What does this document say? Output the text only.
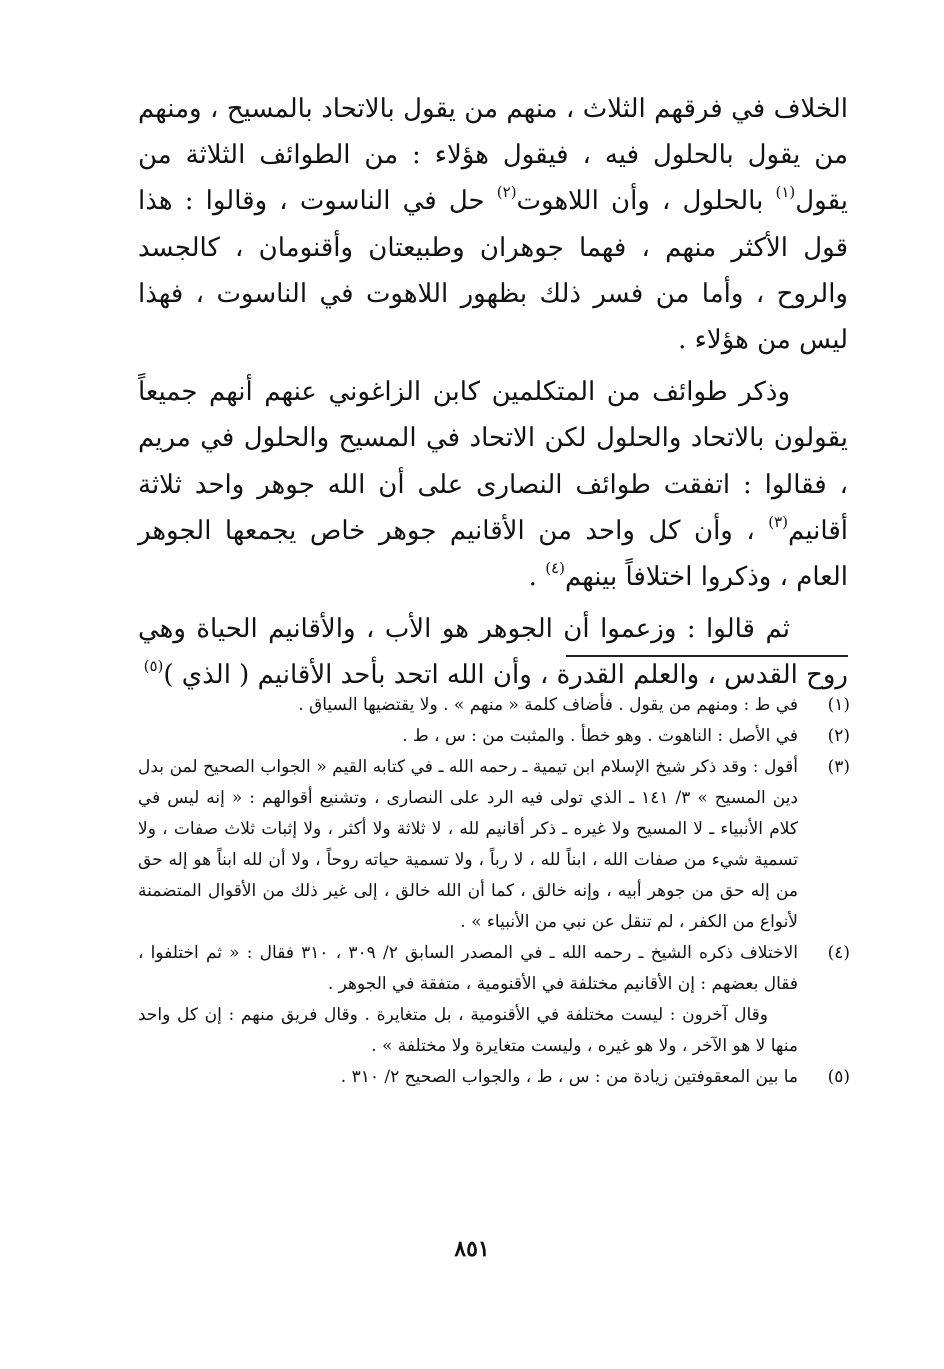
الخلاف في فرقهم الثلاث ، منهم من يقول بالاتحاد بالمسيح ، ومنهم من يقول بالحلول فيه ، فيقول هؤلاء : من الطوائف الثلاثة من يقول$^{(١)}$ بالحلول ، وأن اللاهوت$^{(٢)}$ حل في الناسوت ، وقالوا : هذا قول الأكثر منهم ، فهما جوهران وطبيعتان وأقنومان ، كالجسد والروح ، وأما من فسر ذلك بظهور اللاهوت في الناسوت ، فهذا ليس من هؤلاء .

وذكر طوائف من المتكلمين كابن الزاغوني عنهم أنهم جميعاً يقولون بالاتحاد والحلول لكن الاتحاد في المسيح والحلول في مريم ، فقالوا : اتفقت طوائف النصارى على أن الله جوهر واحد ثلاثة أقانيم$^{(٣)}$ ، وأن كل واحد من الأقانيم جوهر خاص يجمعها الجوهر العام ، وذكروا اختلافاً بينهم$^{(٤)}$ .

ثم قالوا : وزعموا أن الجوهر هو الأب ، والأقانيم الحياة وهي روح القدس ، والعلم القدرة ، وأن الله اتحد بأحد الأقانيم ( الذي )$^{(٥)}$

(١)
في ط : ومنهم من يقول . فأضاف كلمة « منهم » . ولا يقتضيها السياق .
(٢)
في الأصل : الناهوت . وهو خطأ . والمثبت من : س ، ط .
(٣)
أقول : وقد ذكر شيخ الإسلام ابن تيمية ـ رحمه الله ـ في كتابه القيم « الجواب الصحيح لمن بدل دين المسيح » ٣/ ١٤١ ـ الذي تولى فيه الرد على النصارى ، وتشنيع أقوالهم : « إنه ليس في كلام الأنبياء ـ لا المسيح ولا غيره ـ ذكر أقانيم لله ، لا ثلاثة ولا أكثر ، ولا إثبات ثلاث صفات ، ولا تسمية شيء من صفات الله ، ابناً لله ، لا رباً ، ولا تسمية حياته روحاً ، ولا أن لله ابناً هو إله حق من إله حق من جوهر أبيه ، وإنه خالق ، كما أن الله خالق ، إلى غير ذلك من الأقوال المتضمنة لأنواع من الكفر ، لم تنقل عن نبي من الأنبياء » .
(٤)
الاختلاف ذكره الشيخ ـ رحمه الله ـ في المصدر السابق ٢/ ٣٠٩ ، ٣١٠ فقال : « ثم اختلفوا ، فقال بعضهم : إن الأقانيم مختلفة في الأقنومية ، متفقة في الجوهر .
وقال آخرون : ليست مختلفة في الأقنومية ، بل متغايرة . وقال فريق منهم : إن كل واحد منها لا هو الآخر ، ولا هو غيره ، وليست متغايرة ولا مختلفة » .
(٥)
ما بين المعقوفتين زيادة من : س ، ط ، والجواب الصحيح ٢/ ٣١٠ .
٨٥١
